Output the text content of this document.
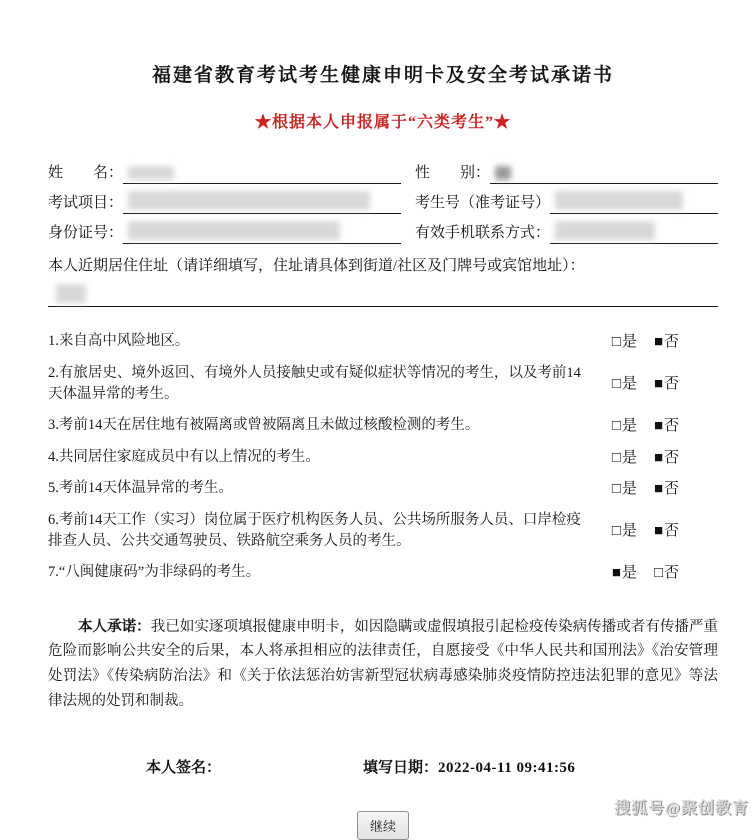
福建省教育考试考生健康申明卡及安全考试承诺书
★根据本人申报属于“六类考生”★
姓　　名：	性　　别：
考试项目：	考生号（准考证号）
身份证号：	有效手机联系方式：
本人近期居住住址（请详细填写，住址请具体到街道/社区及门牌号或宾馆地址）：
1.来自高中风险地区。	□是 ■否
2.有旅居史、境外返回、有境外人员接触史或有疑似症状等情况的考生，以及考前14天体温异常的考生。
□是 ■否
3.考前14天在居住地有被隔离或曾被隔离且未做过核酸检测的考生。	□是 ■否
4.共同居住家庭成员中有以上情况的考生。	□是 ■否
5.考前14天体温异常的考生。	□是 ■否
6.考前14天工作（实习）岗位属于医疗机构医务人员、公共场所服务人员、口岸检疫排查人员、公共交通驾驶员、铁路航空乘务人员的考生。
□是 ■否
7.“八闽健康码”为非绿码的考生。	■是 □否
本人承诺：我已如实逐项填报健康申明卡，如因隐瞒或虚假填报引起检疫传染病传播或者有传播严重危险而影响公共安全的后果，本人将承担相应的法律责任，自愿接受《中华人民共和国刑法》《治安管理处罚法》《传染病防治法》和《关于依法惩治妨害新型冠状病毒感染肺炎疫情防控违法犯罪的意见》等法律法规的处罚和制裁。
本人签名：	填写日期：2022-04-11 09:41:56
继续
搜狐号@聚创教育
